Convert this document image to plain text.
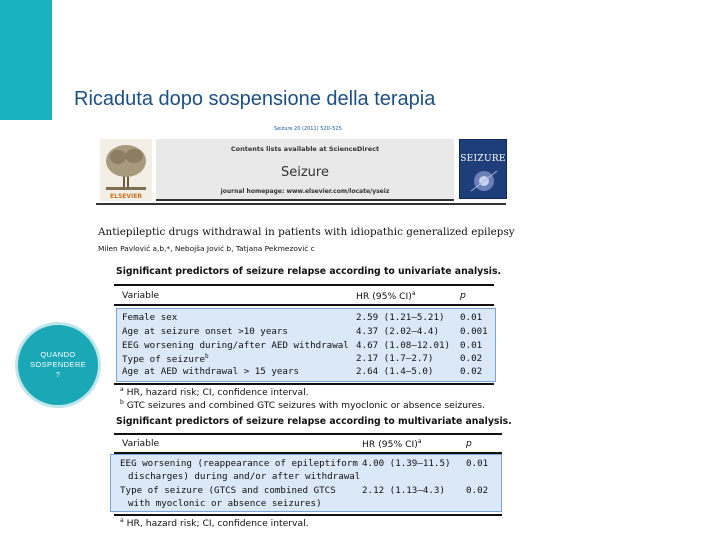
Ricaduta dopo sospensione della terapia
QUANDO
SOSPENDERE
?
Seizure 20 (2011) 520–525
ELSEVIER
Contents lists available at ScienceDirect
Seizure
journal homepage: www.elsevier.com/locate/yseiz
SEIZURE
Antiepileptic drugs withdrawal in patients with idiopathic generalized epilepsy
Milen Pavlović a,b,*, Nebojša Jović b, Tatjana Pekmezović c
Significant predictors of seizure relapse according to univariate analysis.
Variable	HR (95% CI)$^a$	p
Female sex	2.59 (1.21–5.21) 0.01
Age at seizure onset >10 years	4.37 (2.02–4.4) 0.001
EEG worsening during/after AED withdrawal 4.67 (1.08–12.01) 0.01
Type of seizure$^b$	2.17 (1.7–2.7)	0.02
Age at AED withdrawal > 15 years	2.64 (1.4–5.0)	0.02
$^a$ HR, hazard risk; CI, confidence interval.
$^b$ GTC seizures and combined GTC seizures with myoclonic or absence seizures.
Significant predictors of seizure relapse according to multivariate analysis.
Variable	HR (95% CI)$^a$	p
EEG worsening (reappearance of epileptiform
discharges) during and/or after withdrawal
4.00 (1.39–11.5) 0.01
Type of seizure (GTCS and combined GTCS
with myoclonic or absence seizures)
2.12 (1.13–4.3) 0.02
$^a$ HR, hazard risk; CI, confidence interval.
